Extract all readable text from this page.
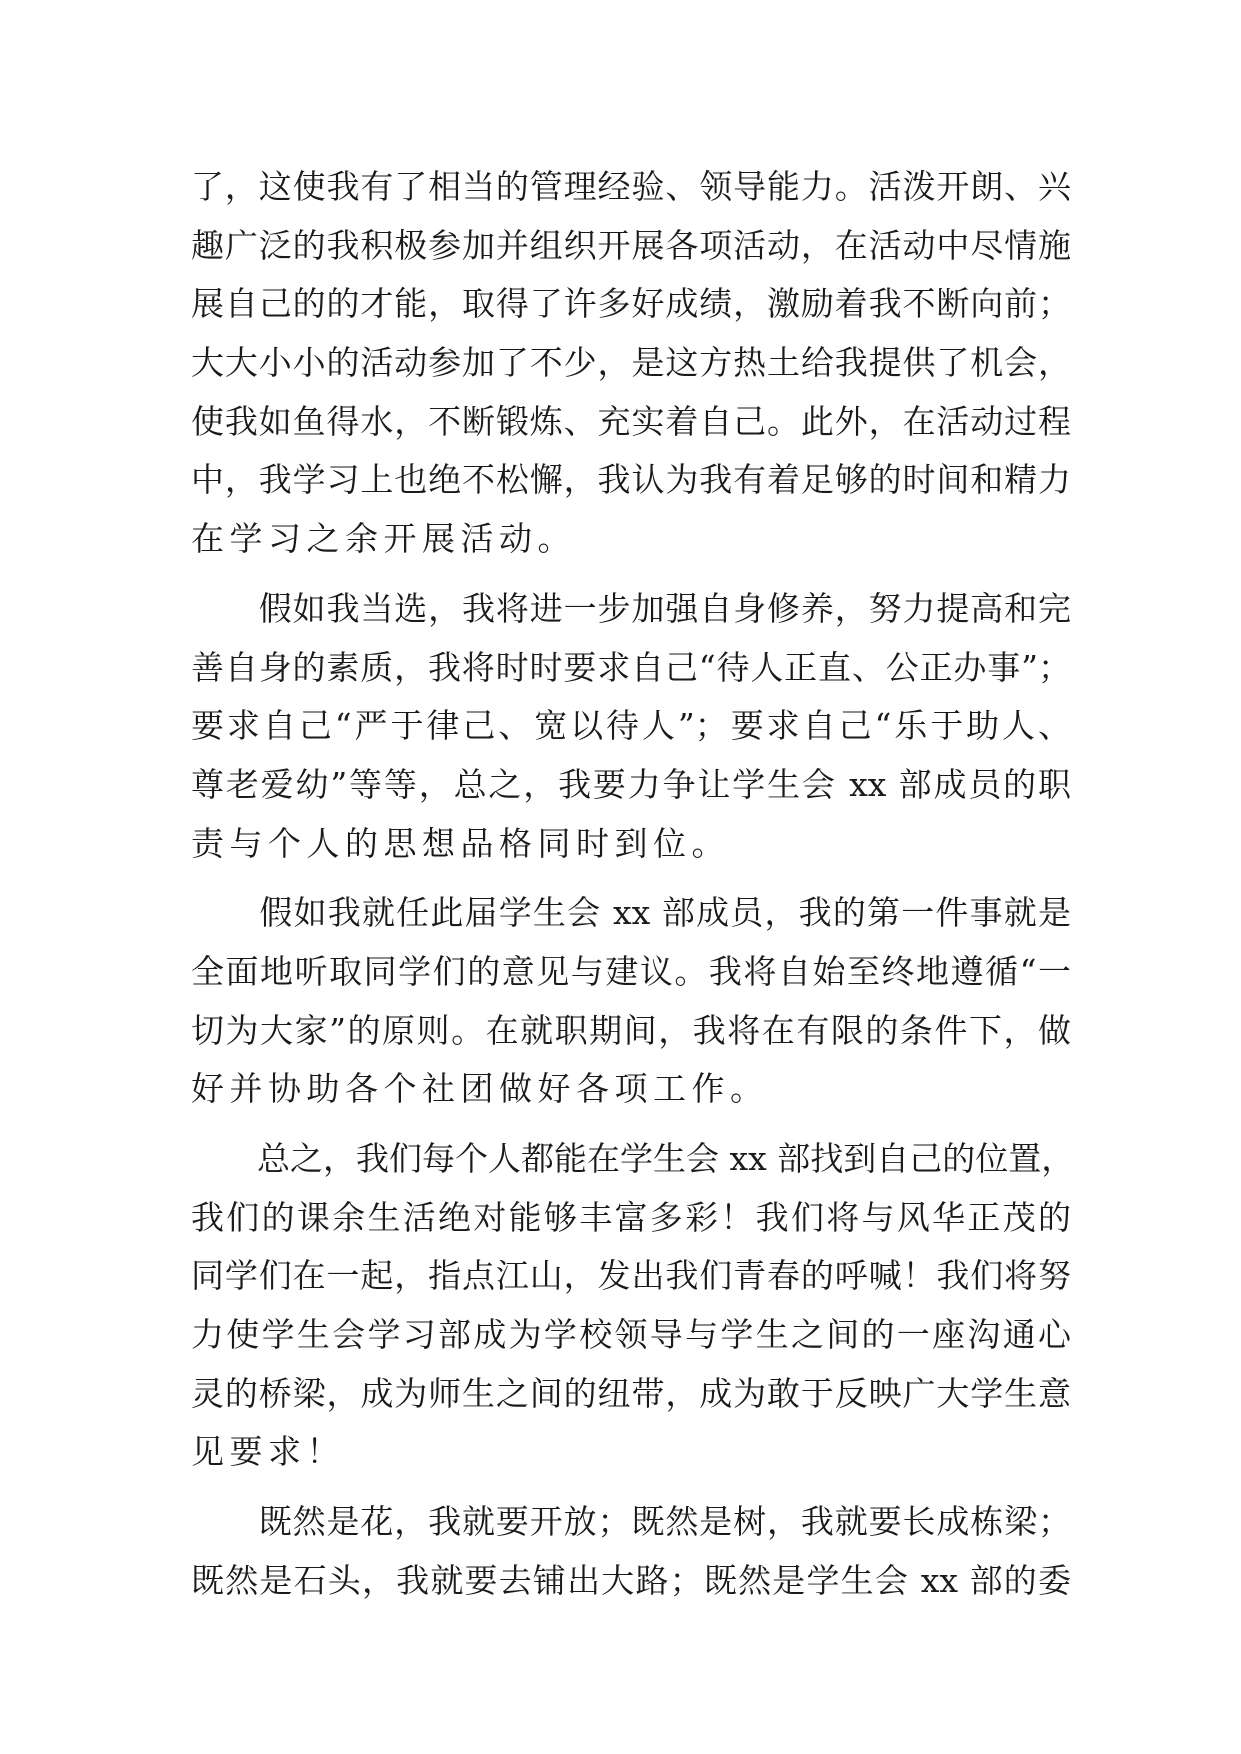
了，这使我有了相当的管理经验、领导能力。活泼开朗、兴
趣广泛的我积极参加并组织开展各项活动，在活动中尽情施
展自己的的才能，取得了许多好成绩，激励着我不断向前；
大大小小的活动参加了不少，是这方热土给我提供了机会，
使我如鱼得水，不断锻炼、充实着自己。此外，在活动过程
中，我学习上也绝不松懈，我认为我有着足够的时间和精力
在学习之余开展活动。
　　假如我当选，我将进一步加强自身修养，努力提高和完
善自身的素质，我将时时要求自己“待人正直、公正办事”；
要求自己“严于律己、宽以待人”；要求自己“乐于助人、
尊老爱幼”等等，总之，我要力争让学生会 xx 部成员的职
责与个人的思想品格同时到位。
　　假如我就任此届学生会 xx 部成员，我的第一件事就是
全面地听取同学们的意见与建议。我将自始至终地遵循“一
切为大家”的原则。在就职期间，我将在有限的条件下，做
好并协助各个社团做好各项工作。
　　总之，我们每个人都能在学生会 xx 部找到自己的位置，
我们的课余生活绝对能够丰富多彩！我们将与风华正茂的
同学们在一起，指点江山，发出我们青春的呼喊！我们将努
力使学生会学习部成为学校领导与学生之间的一座沟通心
灵的桥梁，成为师生之间的纽带，成为敢于反映广大学生意
见要求！
　　既然是花，我就要开放；既然是树，我就要长成栋梁；
既然是石头，我就要去铺出大路；既然是学生会 xx 部的委
